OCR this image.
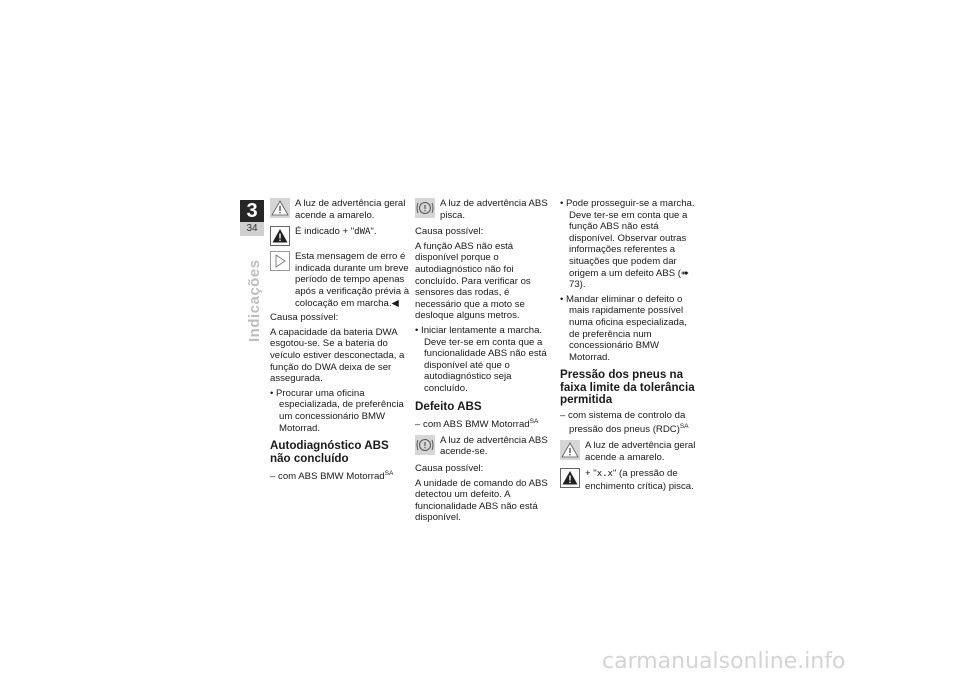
3
34
Indicações
A luz de advertência geral acende a amarelo.
É indicado + "dWA".
Esta mensagem de erro é indicada durante um breve período de tempo apenas após a verificação prévia à colocação em marcha.◀

Causa possível:

A capacidade da bateria DWA esgotou-se. Se a bateria do veículo estiver desconectada, a função do DWA deixa de ser assegurada.

• Procurar uma oficina especializada, de preferência um concessionário BMW Motorrad.

Autodiagnóstico ABS não concluído

– com ABS BMW Motorrad$^{SA}$

A luz de advertência ABS pisca.

Causa possível:

A função ABS não está disponível porque o autodiagnóstico não foi concluído. Para verificar os sensores das rodas, é necessário que a moto se desloque alguns metros.

• Iniciar lentamente a marcha. Deve ter-se em conta que a funcionalidade ABS não está disponível até que o autodiagnóstico seja concluído.

Defeito ABS

– com ABS BMW Motorrad$^{SA}$

A luz de advertência ABS acende-se.

Causa possível:

A unidade de comando do ABS detectou um defeito. A funcionalidade ABS não está disponível.

• Pode prosseguir-se a marcha. Deve ter-se em conta que a função ABS não está disponível. Observar outras informações referentes a situações que podem dar origem a um defeito ABS (➠ 73).

• Mandar eliminar o defeito o mais rapidamente possível numa oficina especializada, de preferência num concessionário BMW Motorrad.

Pressão dos pneus na faixa limite da tolerância permitida

– com sistema de controlo da pressão dos pneus (RDC)$^{SA}$

A luz de advertência geral acende a amarelo.
+ "x.x" (a pressão de enchimento crítica) pisca.
carmanualsonline.info
